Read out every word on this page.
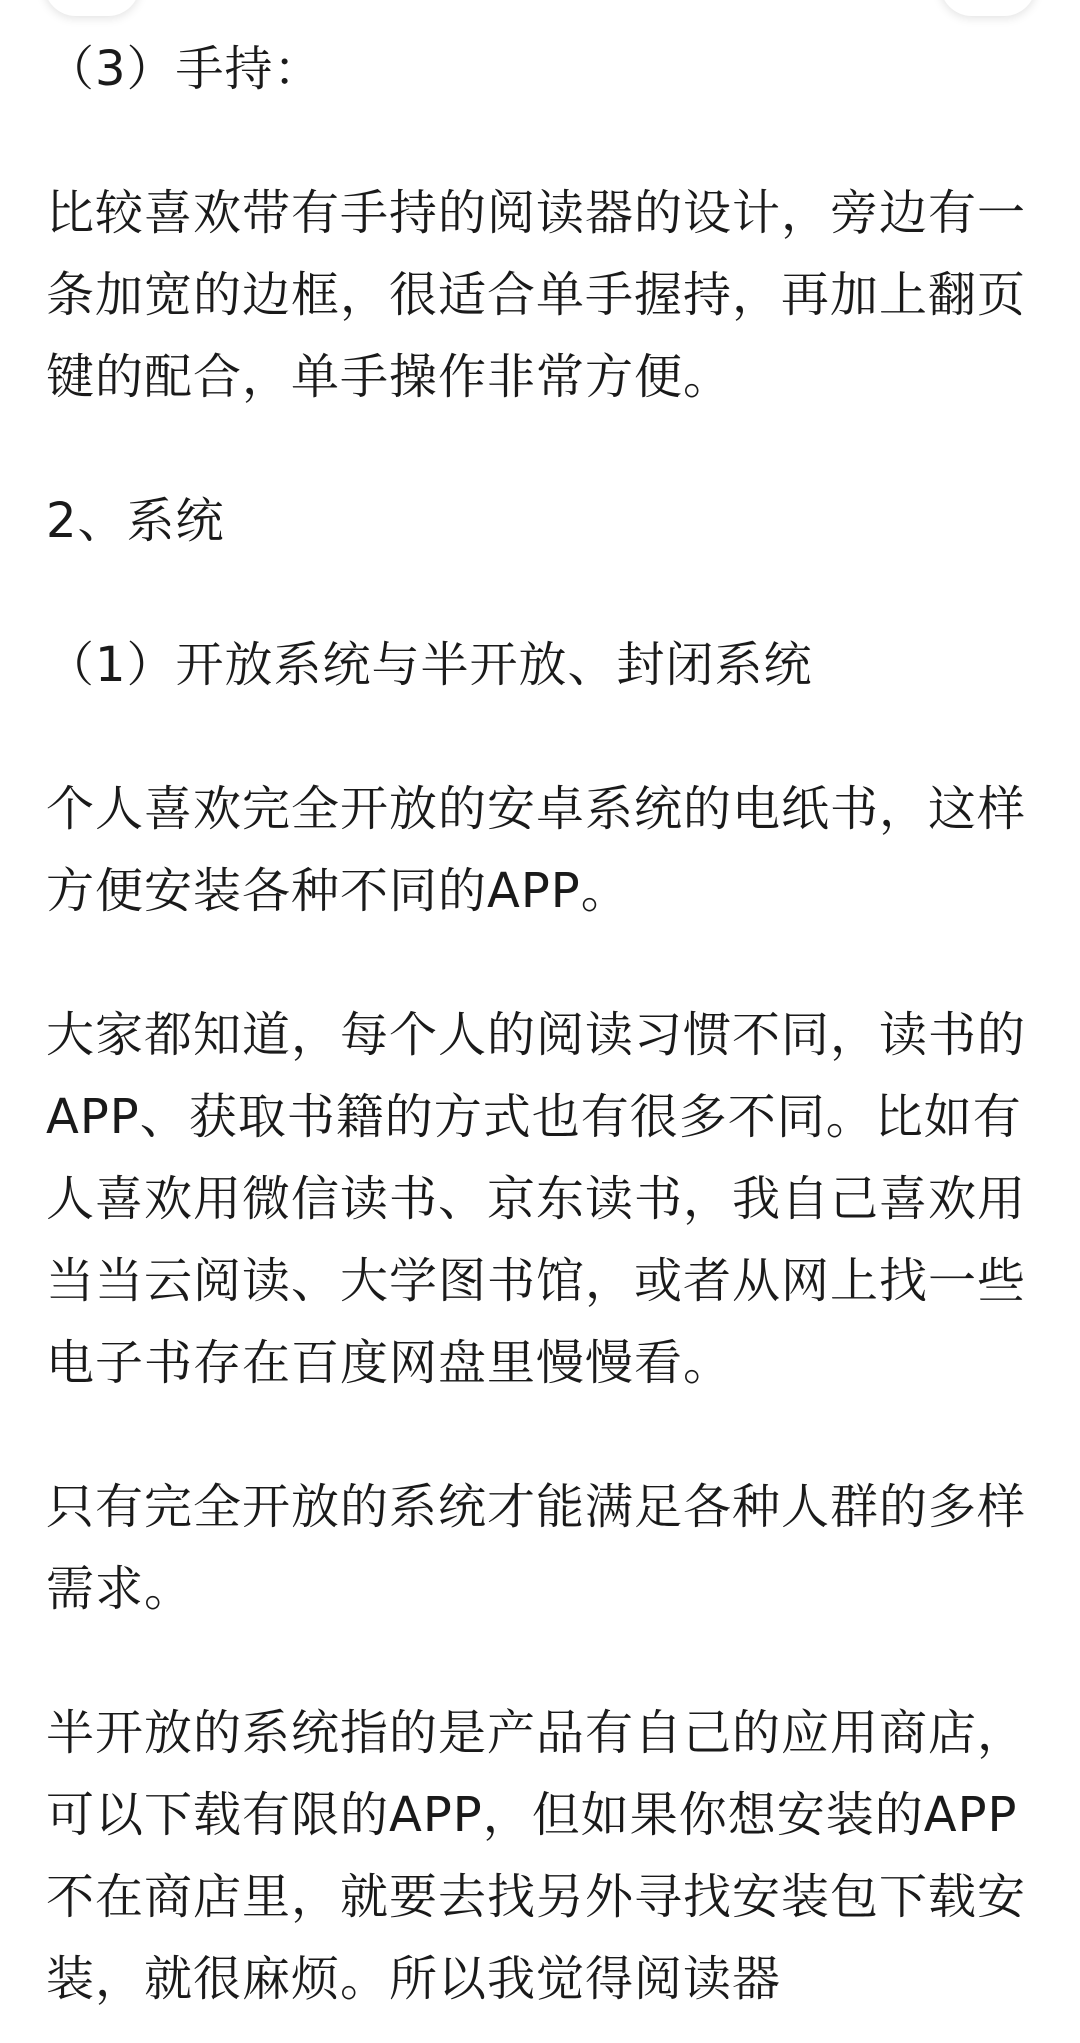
（3）手持：

比较喜欢带有手持的阅读器的设计，旁边有一条加宽的边框，很适合单手握持，再加上翻页键的配合，单手操作非常方便。

2、系统

（1）开放系统与半开放、封闭系统

个人喜欢完全开放的安卓系统的电纸书，这样方便安装各种不同的APP。

大家都知道，每个人的阅读习惯不同，读书的APP、获取书籍的方式也有很多不同。比如有人喜欢用微信读书、京东读书，我自己喜欢用当当云阅读、大学图书馆，或者从网上找一些电子书存在百度网盘里慢慢看。

只有完全开放的系统才能满足各种人群的多样需求。

半开放的系统指的是产品有自己的应用商店，可以下载有限的APP，但如果你想安装的APP不在商店里，就要去找另外寻找安装包下载安装，就很麻烦。所以我觉得阅读器
